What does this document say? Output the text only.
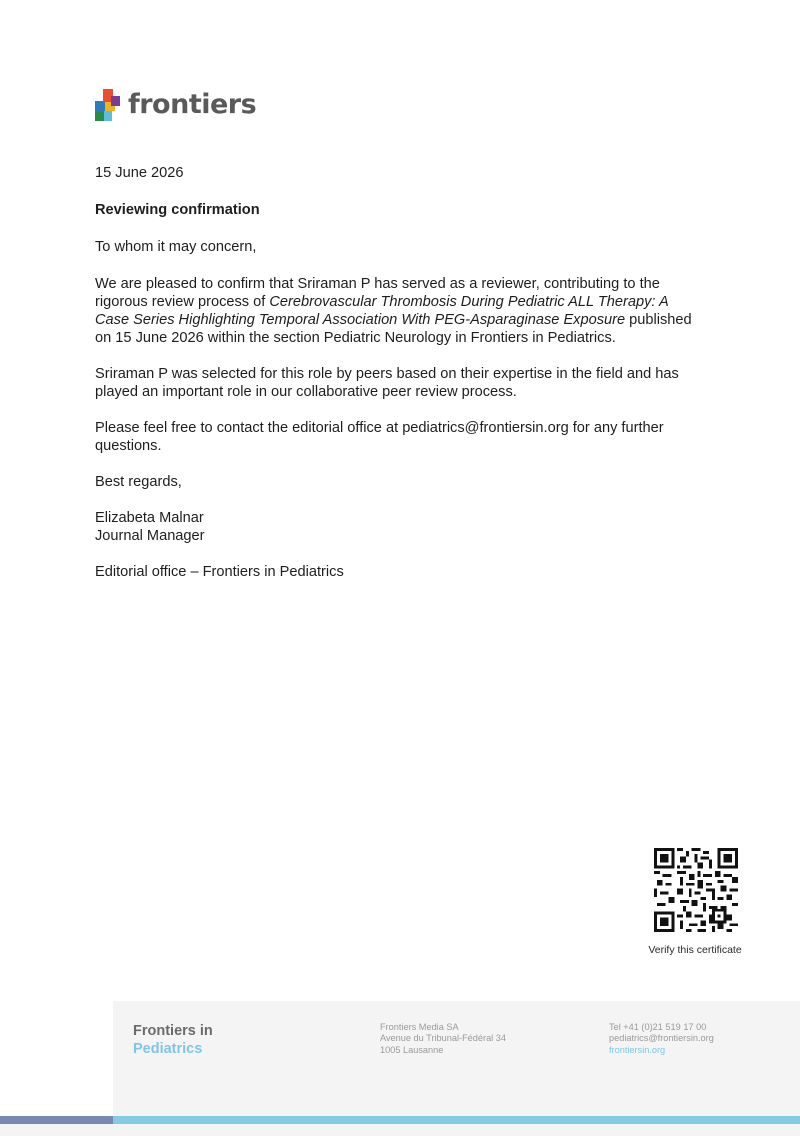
frontiers

15 June 2026

Reviewing confirmation

To whom it may concern,

We are pleased to confirm that Sriraman P has served as a reviewer, contributing to the rigorous review process of Cerebrovascular Thrombosis During Pediatric ALL Therapy: A Case Series Highlighting Temporal Association With PEG-Asparaginase Exposure published on 15 June 2026 within the section Pediatric Neurology in Frontiers in Pediatrics.

Sriraman P was selected for this role by peers based on their expertise in the field and has played an important role in our collaborative peer review process.

Please feel free to contact the editorial office at pediatrics@frontiersin.org for any further questions.

Best regards,

Elizabeta Malnar
Journal Manager

Editorial office – Frontiers in Pediatrics

Verify this certificate
Frontiers in
Pediatrics
Frontiers Media SA
Avenue du Tribunal-Fédéral 34
1005 Lausanne
Tel +41 (0)21 519 17 00
pediatrics@frontiersin.org
frontiersin.org
